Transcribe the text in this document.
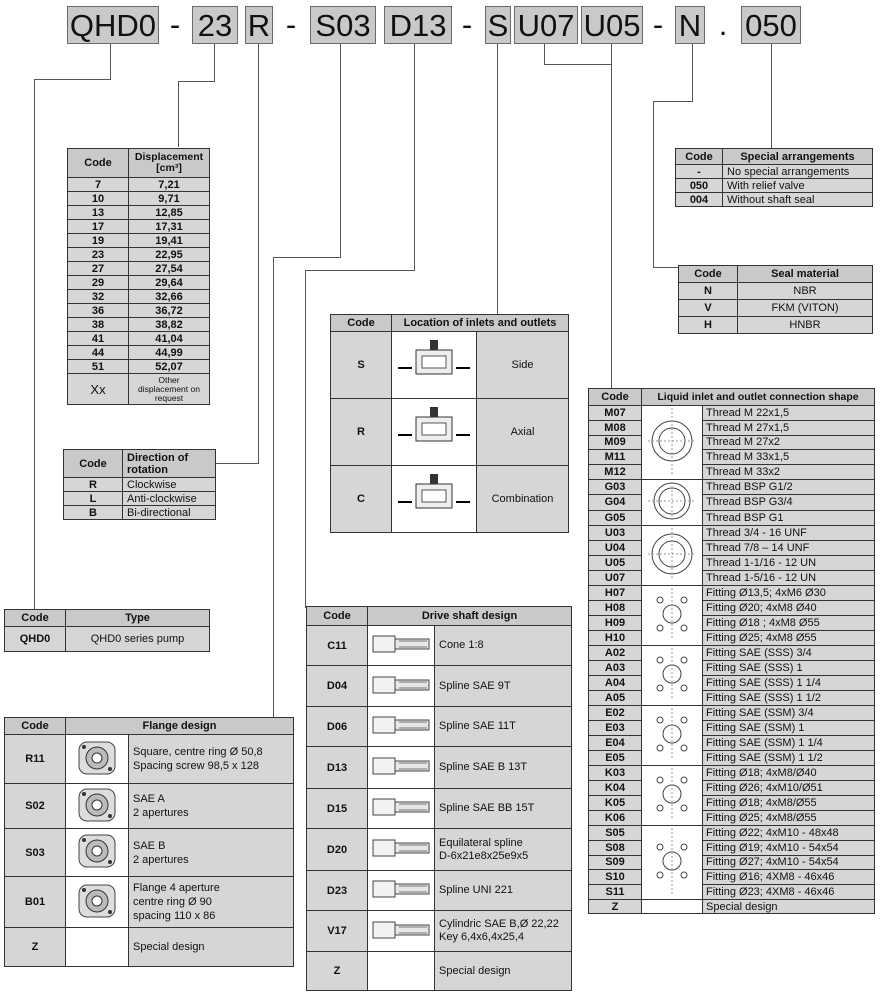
QHD0 - 23 R - S03 D13 - S U07 U05 - N . 050
Code	Displacement [cm³]
7	7,21
10	9,71
13	12,85
17	17,31
19	19,41
23	22,95
27	27,54
29	29,64
32	32,66
36	36,72
38	38,82
41	41,04
44	44,99
51	52,07
Xx	Other displacement on request
Code	Direction of rotation
R	Clockwise
L	Anti-clockwise
B	Bi-directional
Code	Type
QHD0	QHD0 series pump
Code	Flange design	
R11		Square, centre ring Ø 50,8
Spacing screw 98,5 x 128

S02		SAE A
2 apertures

S03		SAE B
2 apertures

B01		Flange 4 aperture
centre ring Ø 90
spacing 110 x 86

Z		Special design
Code	Location of inlets and outlets	
S		Side
R		Axial
C		Combination
Code	Drive shaft design	
C11		Cone 1:8

D04		Spline SAE 9T

D06		Spline SAE 11T

D13		Spline SAE B 13T

D15		Spline SAE BB 15T

D20		Equilateral spline
D-6x21e8x25e9x5

D23		Spline UNI 221

V17		Cylindric SAE B,Ø 22,22
Key 6,4x6,4x25,4

Z		Special design
Code	Special arrangements
-	No special arrangements
050	With relief valve
004	Without shaft seal
Code	Seal material
N	NBR
V	FKM (VITON)
H	HNBR
Code	Liquid inlet and outlet connection shape	
M07		Thread M 22x1,5
M08		Thread M 27x1,5
M09		Thread M 27x2
M11		Thread M 33x1,5
M12		Thread M 33x2
G03		Thread BSP G1/2
G04		Thread BSP G3/4
G05		Thread BSP G1
U03		Thread 3/4 - 16 UNF
U04		Thread 7/8 – 14 UNF
U05		Thread 1-1/16 - 12 UN
U07		Thread 1-5/16 - 12 UN
H07		Fitting Ø13,5; 4xM6 Ø30
H08		Fitting Ø20; 4xM8 Ø40
H09		Fitting Ø18 ; 4xM8 Ø55
H10		Fitting Ø25; 4xM8 Ø55
A02		Fitting SAE (SSS) 3/4
A03		Fitting SAE (SSS) 1
A04		Fitting SAE (SSS) 1 1/4
A05		Fitting SAE (SSS) 1 1/2
E02		Fitting SAE (SSM) 3/4
E03		Fitting SAE (SSM) 1
E04		Fitting SAE (SSM) 1 1/4
E05		Fitting SAE (SSM) 1 1/2
K03		Fitting Ø18; 4xM8/Ø40
K04		Fitting Ø26; 4xM10/Ø51
K05		Fitting Ø18; 4xM8/Ø55
K06		Fitting Ø25; 4xM8/Ø55
S05		Fitting Ø22; 4xM10 - 48x48
S08		Fitting Ø19; 4xM10 - 54x54
S09		Fitting Ø27; 4xM10 - 54x54
S10		Fitting Ø16; 4XM8 - 46x46
S11		Fitting Ø23; 4XM8 - 46x46
Z		Special design
